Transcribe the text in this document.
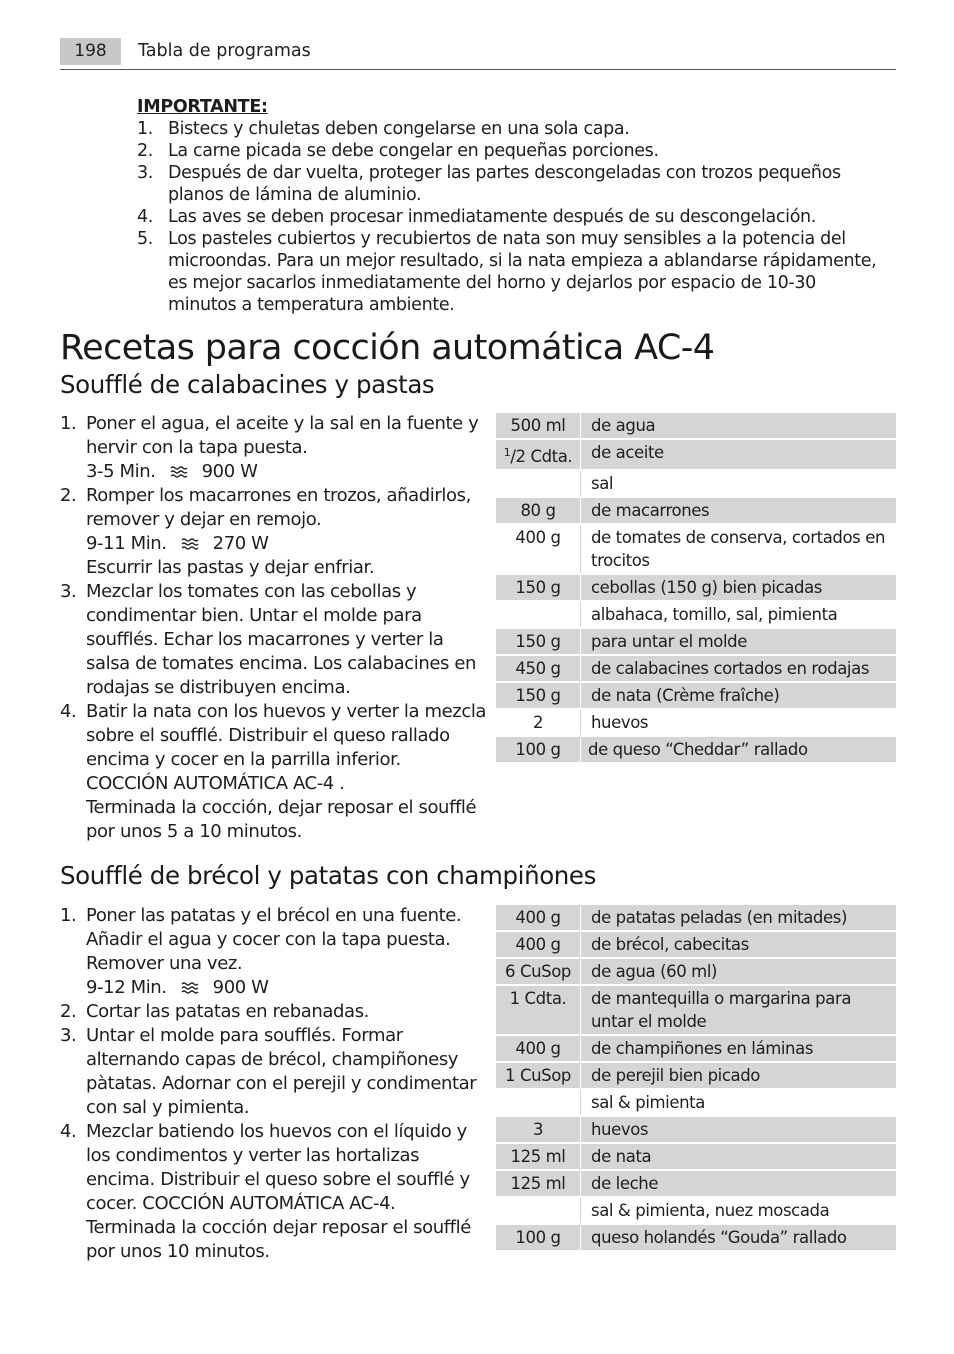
198	Tabla de programas
IMPORTANTE:
1. Bistecs y chuletas deben congelarse en una sola capa.
2. La carne picada se debe congelar en pequeñas porciones.
3. Después de dar vuelta, proteger las partes descongeladas con trozos pequeños
planos de lámina de aluminio.
4. Las aves se deben procesar inmediatamente después de su descongelación.
5. Los pasteles cubiertos y recubiertos de nata son muy sensibles a la potencia del
microondas. Para un mejor resultado, si la nata empieza a ablandarse rápidamente,
es mejor sacarlos inmediatamente del horno y dejarlos por espacio de 10-30
minutos a temperatura ambiente.
Recetas para cocción automática AC-4
Soufflé de calabacines y pastas
1. Poner el agua, el aceite y la sal en la fuente y
hervir con la tapa puesta.
3-5 Min.	900 W
2. Romper los macarrones en trozos, añadirlos,
remover y dejar en remojo.
9-11 Min.	270 W
Escurrir las pastas y dejar enfriar.
3. Mezclar los tomates con las cebollas y
condimentar bien. Untar el molde para
soufflés. Echar los macarrones y verter la
salsa de tomates encima. Los calabacines en
rodajas se distribuyen encima.
4. Batir la nata con los huevos y verter la mezcla
sobre el soufflé. Distribuir el queso rallado
encima y cocer en la parrilla inferior.
COCCIÓN AUTOMÁTICA AC-4 .
Terminada la cocción, dejar reposar el soufflé
por unos 5 a 10 minutos.
500 ml	de agua
$^1$/2 Cdta.	de aceite
	sal
80 g	de macarrones
400 g	de tomates de conserva, cortados en trocitos
150 g	cebollas (150 g) bien picadas
	albahaca, tomillo, sal, pimienta
150 g	para untar el molde
450 g	de calabacines cortados en rodajas
150 g	de nata (Crème fraîche)
2	huevos
100 g	de queso “Cheddar” rallado
Soufflé de brécol y patatas con champiñones
1. Poner las patatas y el brécol en una fuente.
Añadir el agua y cocer con la tapa puesta.
Remover una vez.
9-12 Min.	900 W
2. Cortar las patatas en rebanadas.
3. Untar el molde para soufflés. Formar
alternando capas de brécol, champiñonesy
pàtatas. Adornar con el perejil y condimentar
con sal y pimienta.
4. Mezclar batiendo los huevos con el líquido y
los condimentos y verter las hortalizas
encima. Distribuir el queso sobre el soufflé y
cocer. COCCIÓN AUTOMÁTICA AC-4.
Terminada la cocción dejar reposar el soufflé
por unos 10 minutos.
400 g	de patatas peladas (en mitades)
400 g	de brécol, cabecitas
6 CuSop	de agua (60 ml)
1 Cdta.	de mantequilla o margarina para untar el molde
400 g	de champiñones en láminas
1 CuSop	de perejil bien picado
	sal & pimienta
3	huevos
125 ml	de nata
125 ml	de leche
	sal & pimienta, nuez moscada
100 g	queso holandés “Gouda” rallado
